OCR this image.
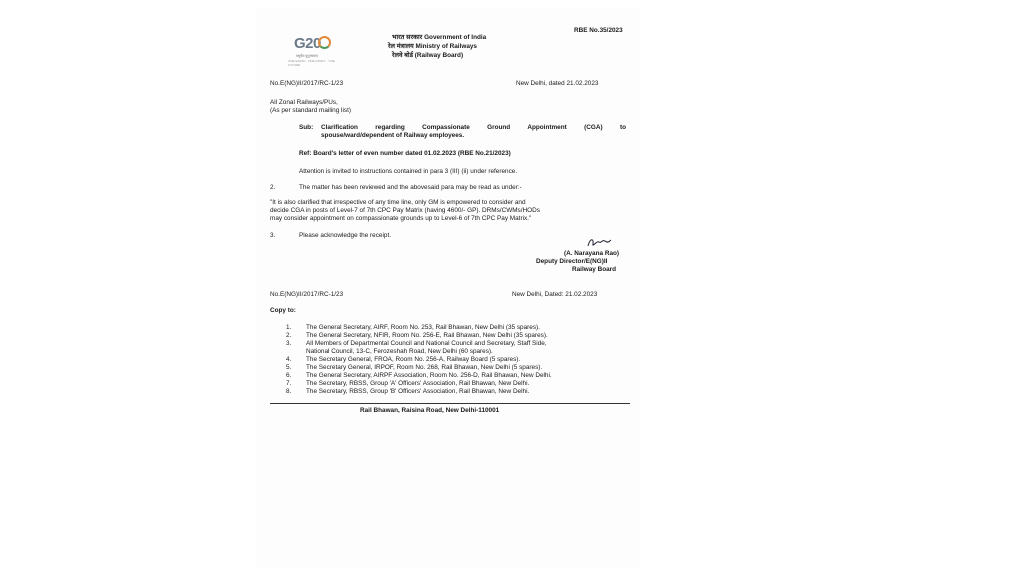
G20
वसुधैव कुटुम्बकम्
ONE EARTH · ONE FAMILY · ONE FUTURE
RBE No.35/2023
भारत सरकार Government of India
रेल मंत्रालय Ministry of Railways
रेलवे बोर्ड (Railway Board)
No.E(NG)II/2017/RC-1/23	New Delhi, dated 21.02.2023
All Zonal Railways/PUs,
(As per standard mailing list)
Sub: Clarification regarding Compassionate Ground Appointment (CGA) to
spouse/ward/dependent of Railway employees.
Ref: Board's letter of even number dated 01.02.2023 (RBE No.21/2023)
Attention is invited to instructions contained in para 3 (III) (ii) under reference.
2.	The matter has been reviewed and the abovesaid para may be read as under:-
"It is also clarified that irrespective of any time line, only GM is empowered to consider and
decide CGA in posts of Level-7 of 7th CPC Pay Matrix (having 4600/- GP). DRMs/CWMs/HODs
may consider appointment on compassionate grounds up to Level-6 of 7th CPC Pay Matrix."
3.	Please acknowledge the receipt.
(A. Narayana Rao)
Deputy Director/E(NG)II
Railway Board
No.E(NG)II/2017/RC-1/23	New Delhi, Dated: 21.02.2023
Copy to:
1. The General Secretary, AIRF, Room No. 253, Rail Bhawan, New Delhi (35 spares).
2. The General Secretary, NFIR, Room No. 256-E, Rail Bhawan, New Delhi (35 spares).
3. All Members of Departmental Council and National Council and Secretary, Staff Side,
National Council, 13-C, Ferozeshah Road, New Delhi (60 spares).
4. The Secretary General, FROA, Room No. 256-A, Railway Board (5 spares).
5. The Secretary General, IRPOF, Room No. 268, Rail Bhawan, New Delhi (5 spares).
6. The General Secretary, AIRPF Association, Room No. 256-D, Rail Bhawan, New Delhi.
7. The Secretary, RBSS, Group 'A' Officers' Association, Rail Bhawan, New Delhi.
8. The Secretary, RBSS, Group 'B' Officers' Association, Rail Bhawan, New Delhi.
Rail Bhawan, Raisina Road, New Delhi-110001
